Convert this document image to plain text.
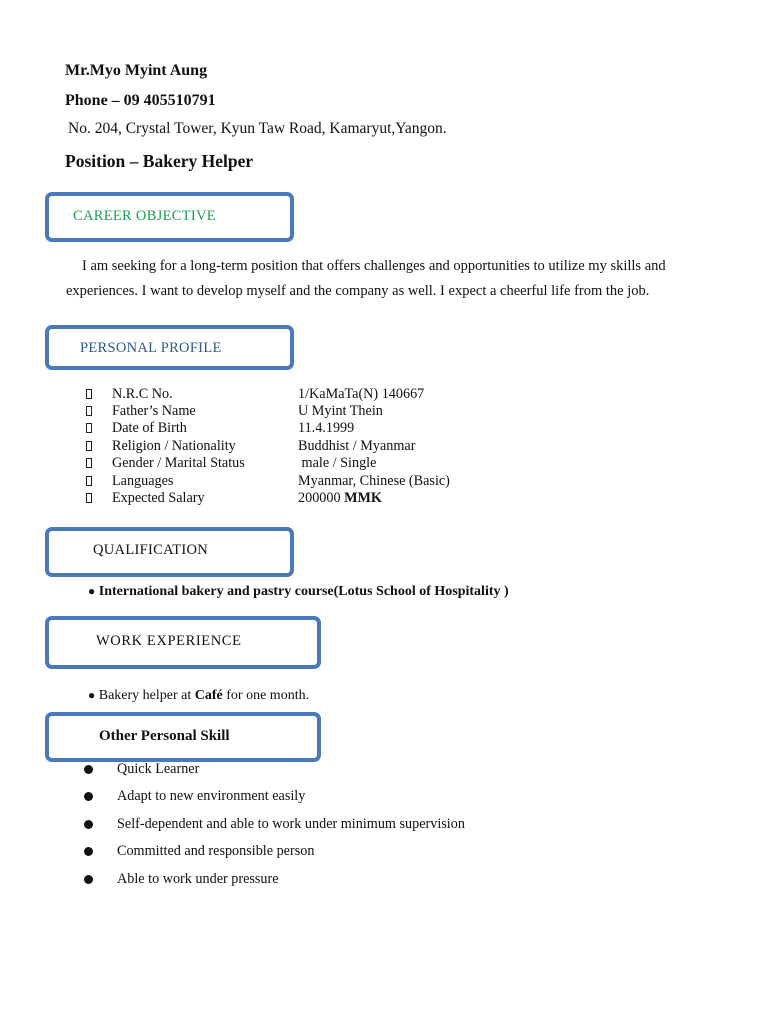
Mr.Myo Myint Aung
Phone – 09 405510791
No. 204, Crystal Tower, Kyun Taw Road, Kamaryut,Yangon.
Position – Bakery Helper
CAREER OBJECTIVE
I am seeking for a long-term position that offers challenges and opportunities to utilize my skills and
experiences. I want to develop myself and the company as well. I expect a cheerful life from the job.
PERSONAL PROFILE
N.R.C No.	1/KaMaTa(N) 140667
Father’s Name	U Myint Thein
Date of Birth	11.4.1999
Religion / Nationality	Buddhist / Myanmar
Gender / Marital Status	male / Single
Languages	Myanmar, Chinese (Basic)
Expected Salary	200000 MMK
QUALIFICATION
● International bakery and pastry course(Lotus School of Hospitality )
WORK EXPERIENCE
● Bakery helper at Café for one month.
Other Personal Skill
Quick Learner
Adapt to new environment easily
Self-dependent and able to work under minimum supervision
Committed and responsible person
Able to work under pressure
